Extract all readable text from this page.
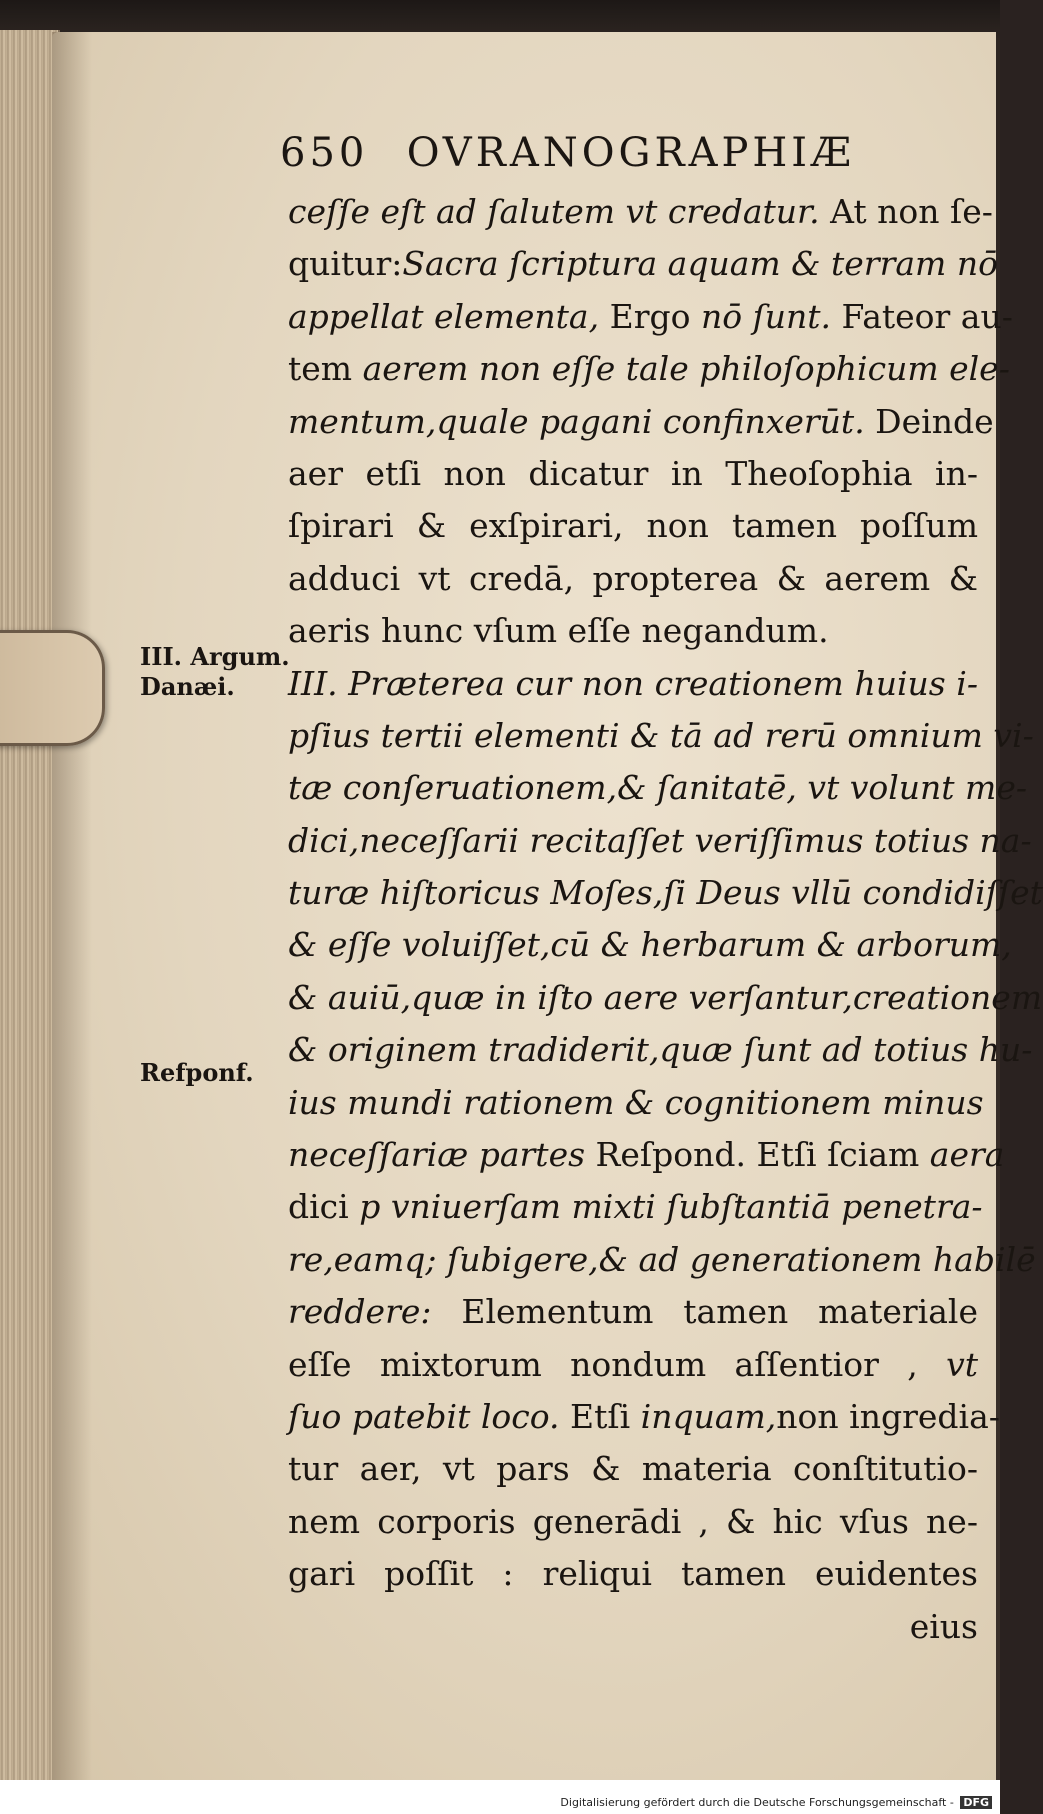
650 OVRANOGRAPHIÆ
III. Argum.
Danæi.
Refponf.
ceſſe eſt ad ſalutem vt credatur. At non ſe-
quitur:Sacra ſcriptura aquam & terram nō
appellat elementa, Ergo nō ſunt. Fateor au-
tem aerem non eſſe tale philoſophicum ele-
mentum,quale pagani confinxerūt. Deinde
aer etſi non dicatur in Theoſophia in-
ſpirari & exſpirari, non tamen poſſum
adduci vt credā, propterea & aerem &
aeris hunc vſum eſſe negandum.
III. Præterea cur non creationem huius i-
pſius tertii elementi & tā ad rerū omnium vi-
tæ conſeruationem,& ſanitatē, vt volunt me-
dici,neceſſarii recitaſſet veriſſimus totius na-
turæ hiſtoricus Moſes,ſi Deus vllū condidiſſet
& eſſe voluiſſet,cū & herbarum & arborum,
& auiū,quæ in iſto aere verſantur,creationem
& originem tradiderit,quæ ſunt ad totius hu-
ius mundi rationem & cognitionem minus
neceſſariæ partes Reſpond. Etſi ſciam aera
dici p vniuerſam mixti ſubſtantiā penetra-
re,eamq; ſubigere,& ad generationem habilē
reddere: Elementum tamen materiale
eſſe mixtorum nondum aſſentior , vt
ſuo patebit loco. Etſi inquam,non ingredia-
tur aer, vt pars & materia conſtitutio-
nem corporis generādi , & hic vſus ne-
gari poſſit : reliqui tamen euidentes
eius
Digitalisierung gefördert durch die Deutsche Forschungsgemeinschaft - DFG
